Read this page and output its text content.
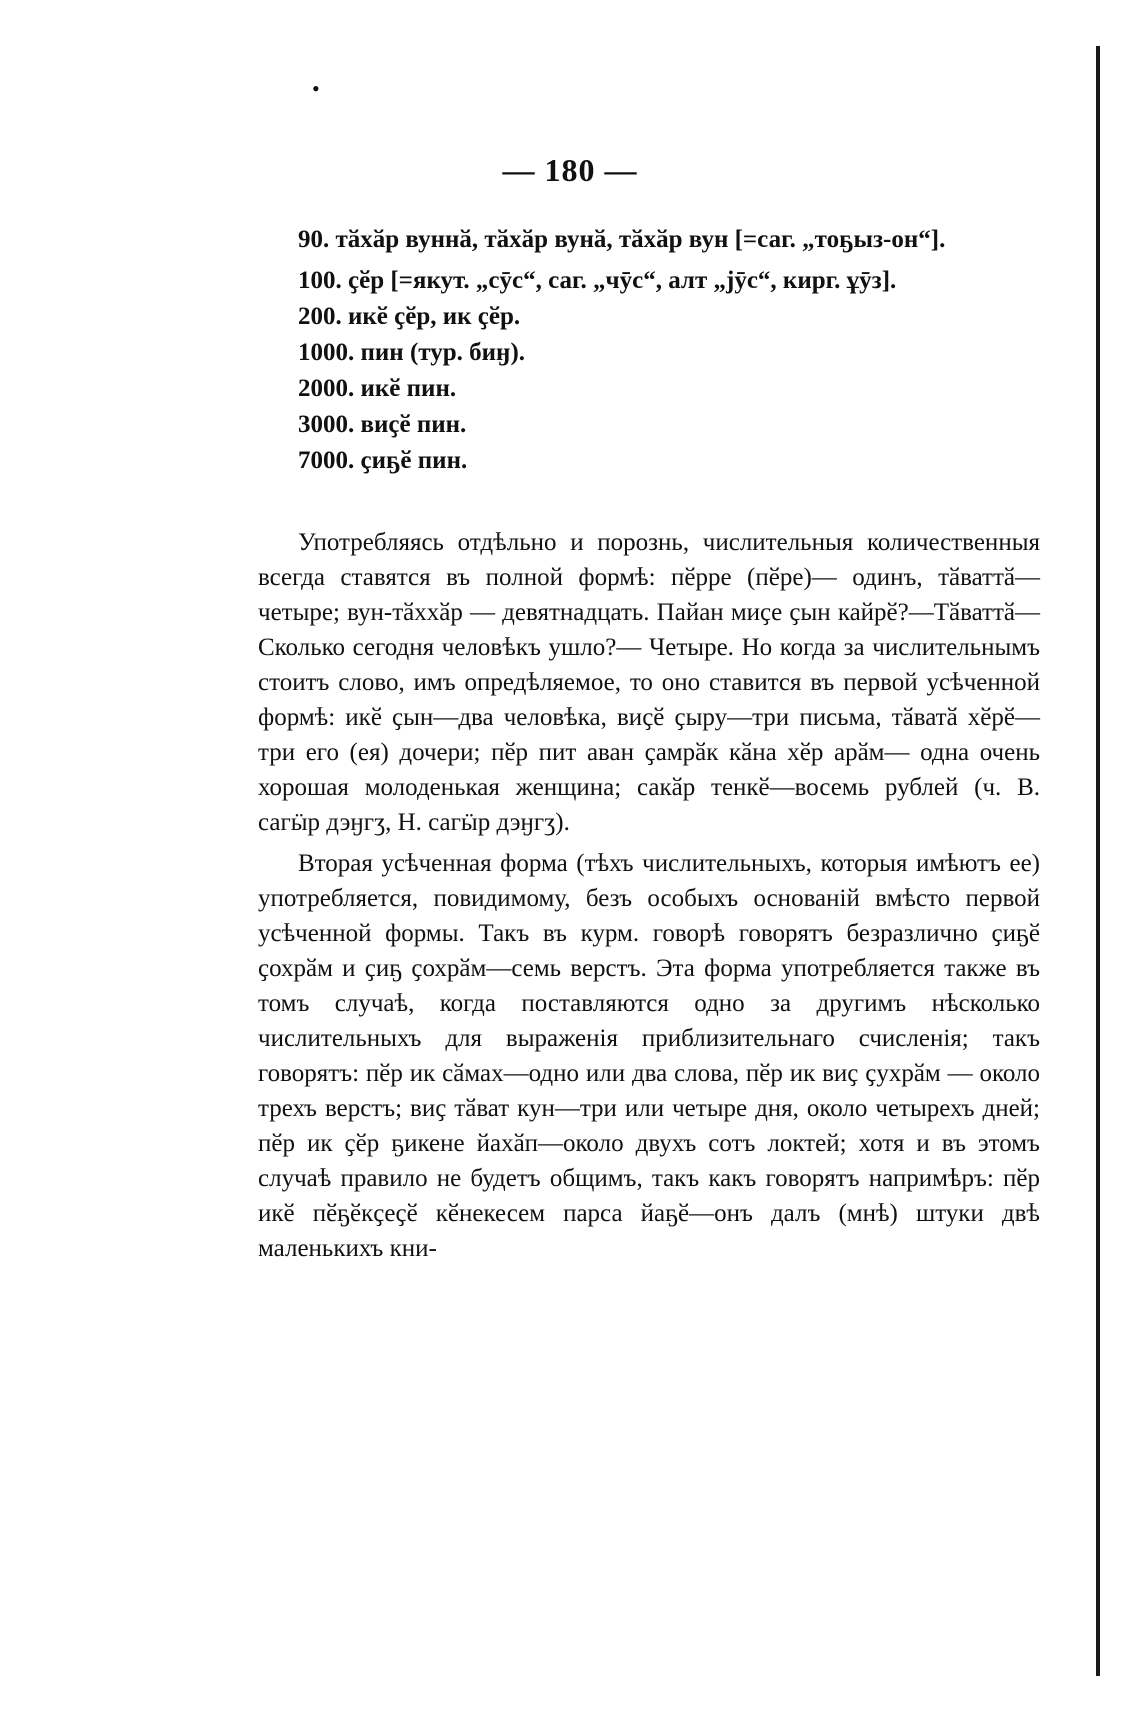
•
— 180 —

90. тӑхӑр вуннӑ, тӑхӑр вунӑ, тӑхӑр вун [=саг. „тоҕыз-он“].

100. ҫӗр [=якут. „сӯс“, саг. „чӯс“, алт „јӯс“, кирг. ұӯз].
200. икӗ ҫӗр, ик ҫӗр.
1000. пин (тур. биӈ).
2000. икӗ пин.
3000. виҫӗ пин.
7000. ҫиҕӗ пин.

Употребляясь отдѣльно и порознь, числительныя количественныя всегда ставятся въ полной формѣ: пӗрре (пӗре)— одинъ, тӑваттӑ—четыре; вун-тӑххӑр — девятнадцать. Пайан миҫе ҫын кайрӗ?—Тӑваттӑ—Сколько сегодня человѣкъ ушло?— Четыре. Но когда за числительнымъ стоитъ слово, имъ опредѣляемое, то оно ставится въ первой усѣченной формѣ: икӗ ҫын—два человѣка, виҫӗ ҫыру—три письма, тӑватӑ хӗрӗ— три его (ея) дочери; пӗр пит аван ҫамрӑк кӑна хӗр арӑм— одна очень хорошая молоденькая женщина; сакӑр тенкӗ—восемь рублей (ч. В. сагӹр дэӈгӡ, Н. сагӹр дэӈгӡ).

Вторая усѣченная форма (тѣхъ числительныхъ, которыя имѣютъ ее) употребляется, повидимому, безъ особыхъ основаній вмѣсто первой усѣченной формы. Такъ въ курм. говорѣ говорятъ безразлично ҫиҕӗ ҫохрӑм и ҫиҕ ҫохрӑм—семь верстъ. Эта форма употребляется также въ томъ случаѣ, когда поставляются одно за другимъ нѣсколько числительныхъ для выраженія приблизительнаго счисленія; такъ говорятъ: пӗр ик сӑмах—одно или два слова, пӗр ик виҫ ҫухрӑм — около трехъ верстъ; виҫ тӑват кун—три или четыре дня, около четырехъ дней; пӗр ик ҫӗр ҕикене йахӑп—около двухъ сотъ локтей; хотя и въ этомъ случаѣ правило не будетъ общимъ, такъ какъ говорятъ напримѣръ: пӗр икӗ пӗҕӗкҫеҫӗ кӗнекесем парса йаҕӗ—онъ далъ (мнѣ) штуки двѣ маленькихъ кни-
